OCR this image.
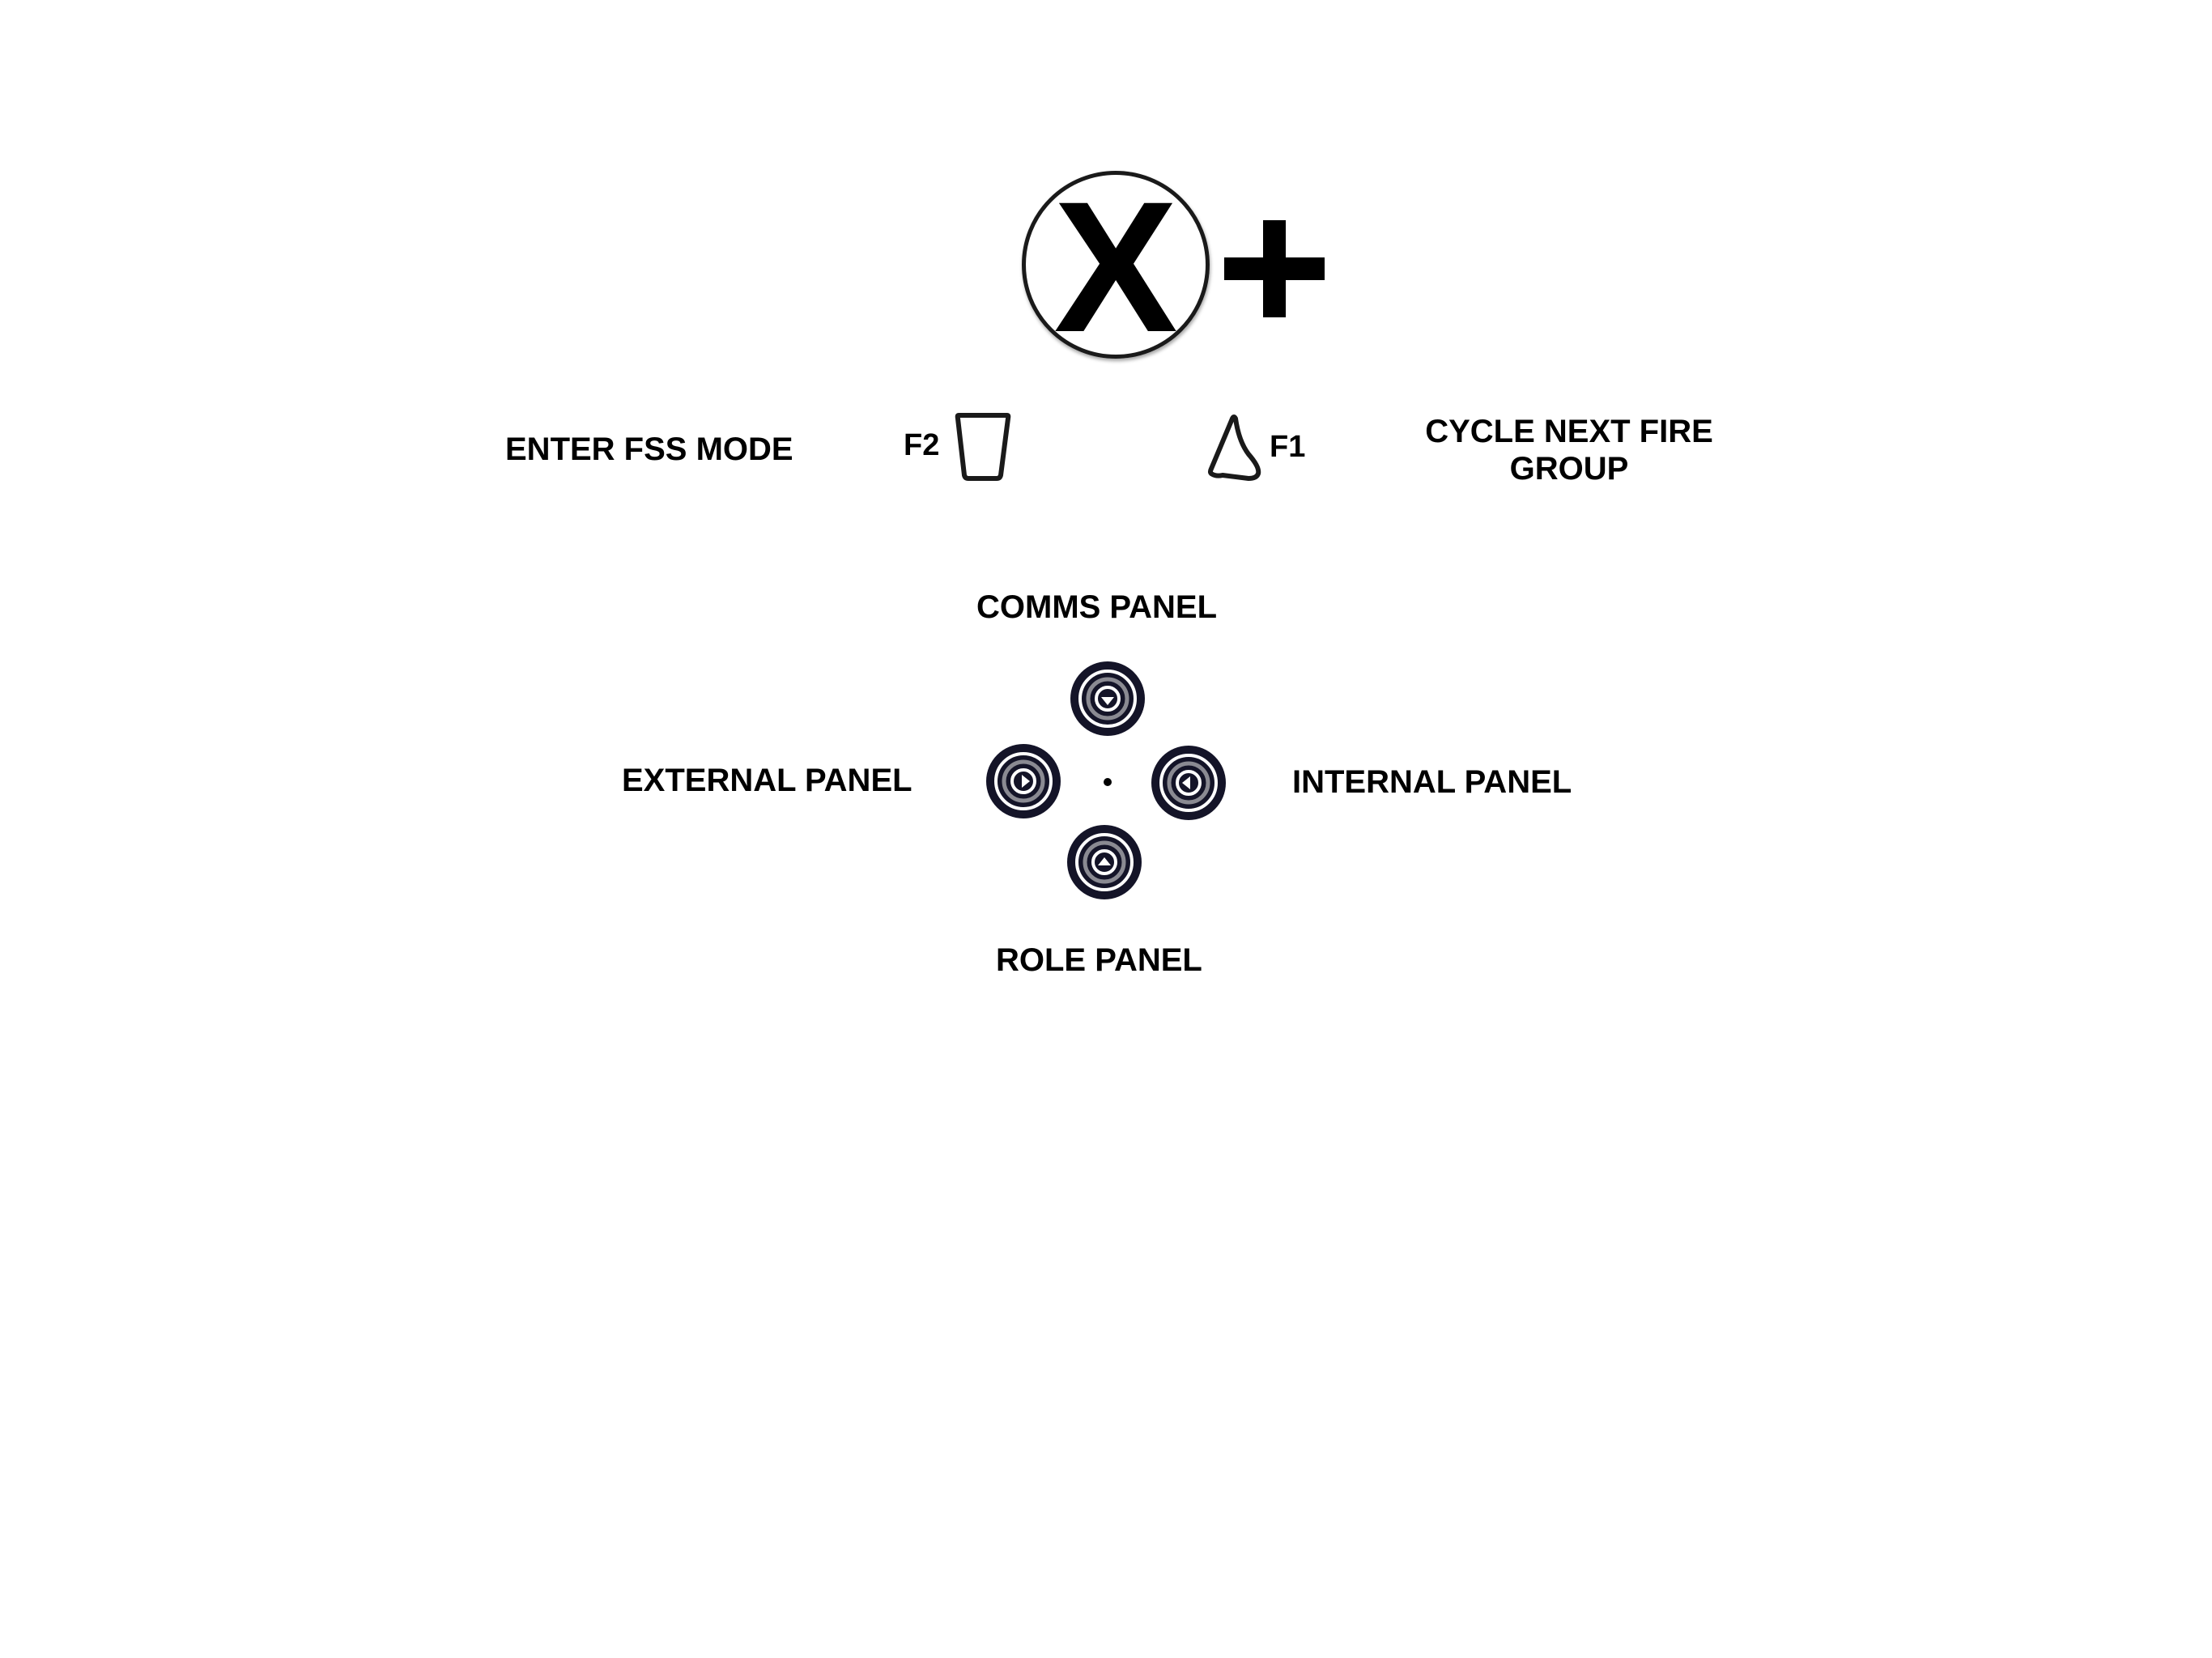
X
ENTER FSS MODE	F2	F1	CYCLE NEXT FIRE
GROUP
COMMS PANEL
EXTERNAL PANEL	INTERNAL PANEL
ROLE PANEL
